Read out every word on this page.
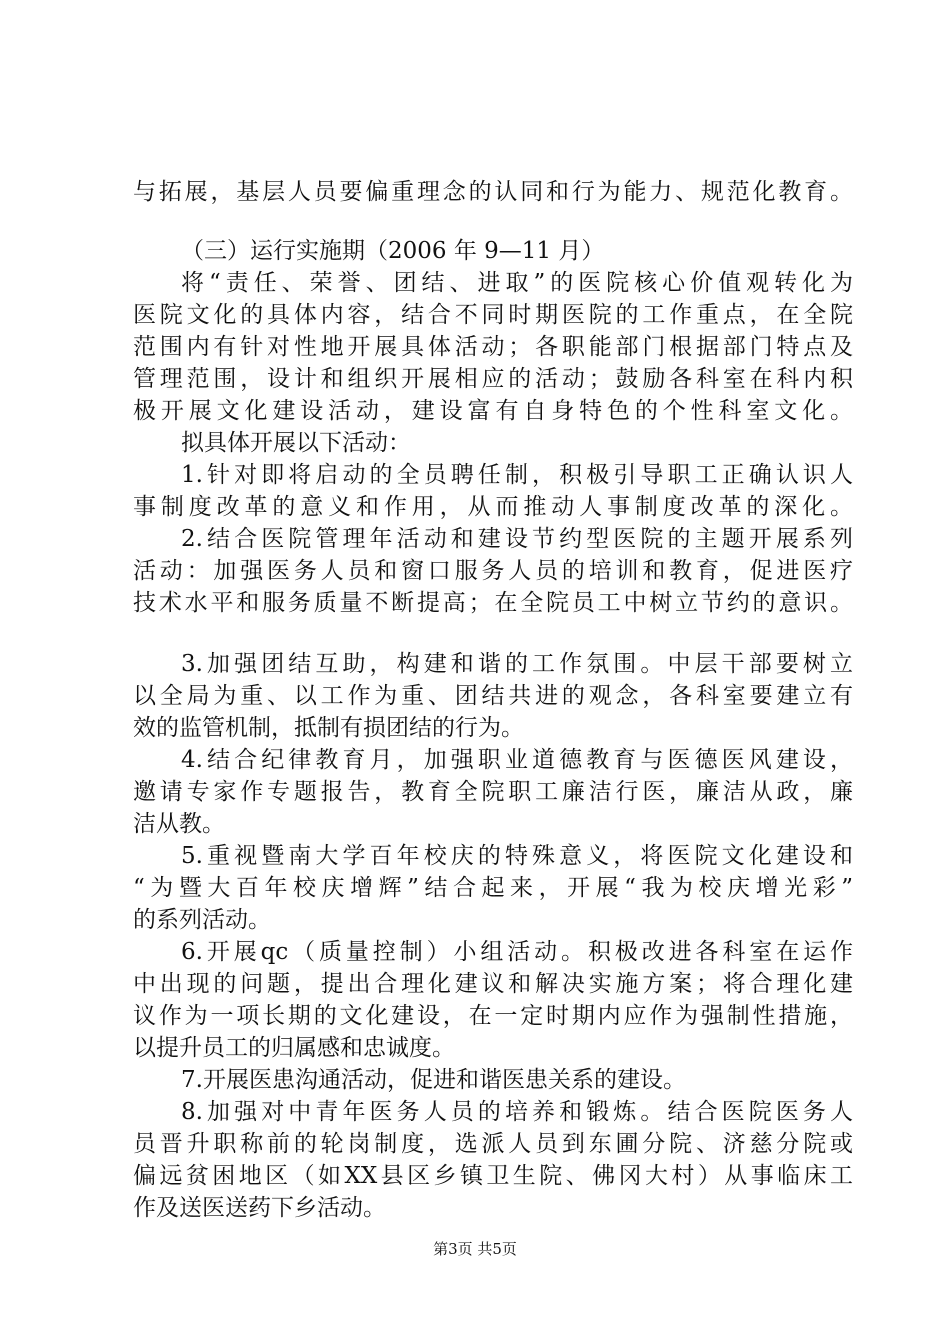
与拓展，基层人员要偏重理念的认同和行为能力、规范化教育。
（三）运行实施期（2006 年 9—11 月）
将“责任、荣誉、团结、进取”的医院核心价值观转化为
医院文化的具体内容，结合不同时期医院的工作重点，在全院
范围内有针对性地开展具体活动；各职能部门根据部门特点及
管理范围，设计和组织开展相应的活动；鼓励各科室在科内积
极开展文化建设活动，建设富有自身特色的个性科室文化。
拟具体开展以下活动：
1.针对即将启动的全员聘任制，积极引导职工正确认识人
事制度改革的意义和作用，从而推动人事制度改革的深化。
2.结合医院管理年活动和建设节约型医院的主题开展系列
活动：加强医务人员和窗口服务人员的培训和教育，促进医疗
技术水平和服务质量不断提高；在全院员工中树立节约的意识。
3.加强团结互助，构建和谐的工作氛围。中层干部要树立
以全局为重、以工作为重、团结共进的观念，各科室要建立有
效的监管机制，抵制有损团结的行为。
4.结合纪律教育月，加强职业道德教育与医德医风建设，
邀请专家作专题报告，教育全院职工廉洁行医，廉洁从政，廉
洁从教。
5.重视暨南大学百年校庆的特殊意义，将医院文化建设和
“为暨大百年校庆增辉”结合起来，开展“我为校庆增光彩”
的系列活动。
6.开展qc（质量控制）小组活动。积极改进各科室在运作
中出现的问题，提出合理化建议和解决实施方案；将合理化建
议作为一项长期的文化建设，在一定时期内应作为强制性措施，
以提升员工的归属感和忠诚度。
7.开展医患沟通活动，促进和谐医患关系的建设。
8.加强对中青年医务人员的培养和锻炼。结合医院医务人
员晋升职称前的轮岗制度，选派人员到东圃分院、济慈分院或
偏远贫困地区（如XX县区乡镇卫生院、佛冈大村）从事临床工
作及送医送药下乡活动。
第3页 共5页
